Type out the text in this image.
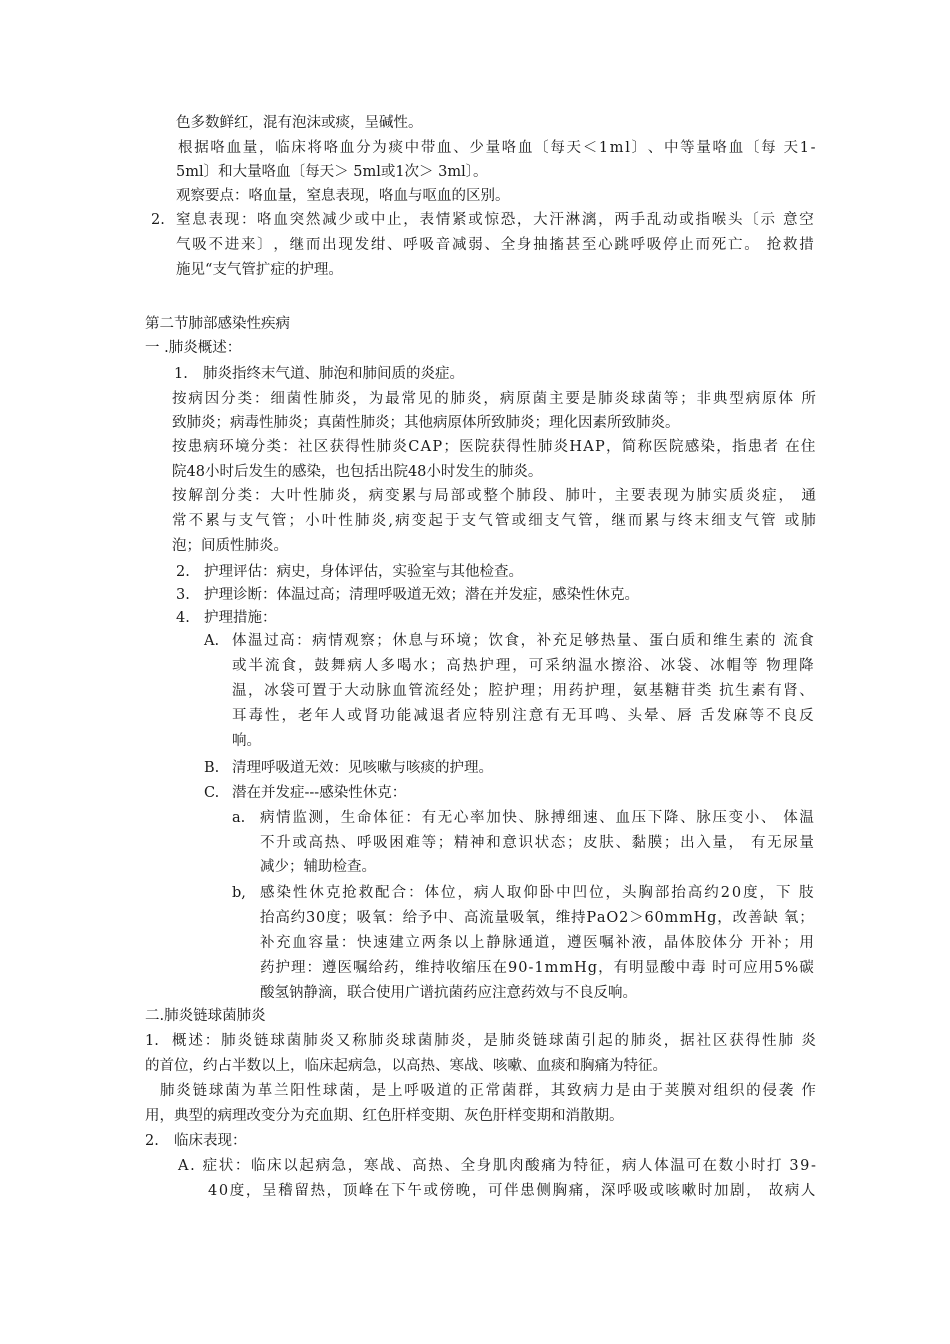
2.
1.
2.
3.
4.
A.
B.
C.
a.
b,
1.
2.
色多数鲜红，混有泡沫或痰，呈碱性。
根 据 咯 血 量 ， 临 床 将 咯 血 分 为 痰 中 带 血 、 少 量 咯 血 〔 每 天 ＜ 1 m l 〕 、 中 等 量 咯 血 〔 每
天 1 -
5ml〕和大量咯血〔每天＞ 5ml或1次＞ 3ml〕。
观察要点：咯血量，窒息表现，咯血与呕血的区别。
窒 息 表 现 ： 咯 血 突 然 减 少 或 中 止 ， 表 情 紧 或 惊 恐 ， 大 汗 淋 漓 ， 两 手 乱 动 或 指 喉 头 〔 示
意 空
气 吸 不 进 来 〕 ， 继 而 出 现 发 绀 、 呼 吸 音 减 弱 、 全 身 抽 搐 甚 至 心 跳 呼 吸 停 止 而 死 亡 。
抢 救 措
施见“支气管扩症的护理。
第二节肺部感染性疾病
一 .肺炎概述：
肺炎指终末气道、肺泡和肺间质的炎症。
按 病 因 分 类 ： 细 菌 性 肺 炎 ， 为 最 常 见 的 肺 炎 ， 病 原 菌 主 要 是 肺 炎 球 菌 等 ； 非 典 型 病 原 体
所
致肺炎；病毒性肺炎；真菌性肺炎；其他病原体所致肺炎；理化因素所致肺炎。
按 患 病 环 境 分 类 ： 社 区 获 得 性 肺 炎 C A P ； 医 院 获 得 性 肺 炎 H A P ， 简 称 医 院 感 染 ， 指 患 者
在 住
院48小时后发生的感染，也包括出院48小时发生的肺炎。
按 解 剖 分 类 ： 大 叶 性 肺 炎 ， 病 变 累 与 局 部 或 整 个 肺 段 、 肺 叶 ， 主 要 表 现 为 肺 实 质 炎 症 ，
通
常 不 累 与 支 气 管 ； 小 叶 性 肺 炎 , 病 变 起 于 支 气 管 或 细 支 气 管 ， 继 而 累 与 终 末 细 支 气 管
或 肺
泡；间质性肺炎。
护理评估：病史，身体评估，实验室与其他检查。
护理诊断：体温过高；清理呼吸道无效；潜在并发症，感染性休克。
护理措施：
体 温 过 高 ： 病 情 观 察 ； 休 息 与 环 境 ； 饮 食 ， 补 充 足 够 热 量 、 蛋 白 质 和 维 生 素 的
流 食
或 半 流 食 ， 鼓 舞 病 人 多 喝 水 ； 高 热 护 理 ， 可 采 纳 温 水 擦 浴 、 冰 袋 、 冰 帽 等
物 理 降
温 ， 冰 袋 可 置 于 大 动 脉 血 管 流 经 处 ； 腔 护 理 ； 用 药 护 理 ， 氨 基 糖 苷 类
抗 生 素 有 肾 、
耳 毒 性 ， 老 年 人 或 肾 功 能 减 退 者 应 特 别 注 意 有 无 耳 鸣 、 头 晕 、 唇
舌 发 麻 等 不 良 反
响。
清理呼吸道无效：见咳嗽与咳痰的护理。
潜在并发症---感染性休克：
病 情 监 测 ， 生 命 体 征 ： 有 无 心 率 加 快 、 脉 搏 细 速 、 血 压 下 降 、 脉 压 变 小 、
体 温
不 升 或 高 热 、 呼 吸 困 难 等 ； 精 神 和 意 识 状 态 ； 皮 肤 、 黏 膜 ； 出 入 量 ，
有 无 尿 量
减少；辅助检查。
感 染 性 休 克 抢 救 配 合 ： 体 位 ， 病 人 取 仰 卧 中 凹 位 ， 头 胸 部 抬 高 约 2 0 度 ， 下
肢
抬 高 约 3 0 度 ； 吸 氧 ： 给 予 中 、 高 流 量 吸 氧 ， 维 持 P a O 2 ＞ 6 0 m m H g ， 改 善 缺
氧 ；
补 充 血 容 量 ： 快 速 建 立 两 条 以 上 静 脉 通 道 ， 遵 医 嘱 补 液 ， 晶 体 胶 体 分
开 补 ； 用
药 护 理 ： 遵 医 嘱 给 药 ， 维 持 收 缩 压 在 9 0 - 1 m m H g ， 有 明 显 酸 中 毒
时 可 应 用 5 % 碳
酸氢钠静滴，联合使用广谱抗菌药应注意药效与不良反响。
二.肺炎链球菌肺炎
概 述 ： 肺 炎 链 球 菌 肺 炎 又 称 肺 炎 球 菌 肺 炎 ， 是 肺 炎 链 球 菌 引 起 的 肺 炎 ， 据 社 区 获 得 性 肺
炎
的首位，约占半数以上，临床起病急，以高热、寒战、咳嗽、血痰和胸痛为特征。
肺 炎 链 球 菌 为 革 兰 阳 性 球 菌 ， 是 上 呼 吸 道 的 正 常 菌 群 ， 其 致 病 力 是 由 于 荚 膜 对 组 织 的 侵 袭
作
用，典型的病理改变分为充血期、红色肝样变期、灰色肝样变期和消散期。
临床表现：
A .
症 状 ： 临 床 以 起 病 急 ， 寒 战 、 高 热 、 全 身 肌 肉 酸 痛 为 特 征 ， 病 人 体 温 可 在 数 小 时 打
3 9 -
4 0 度 ， 呈 稽 留 热 ， 顶 峰 在 下 午 或 傍 晚 ， 可 伴 患 侧 胸 痛 ， 深 呼 吸 或 咳 嗽 时 加 剧 ，
故 病 人
